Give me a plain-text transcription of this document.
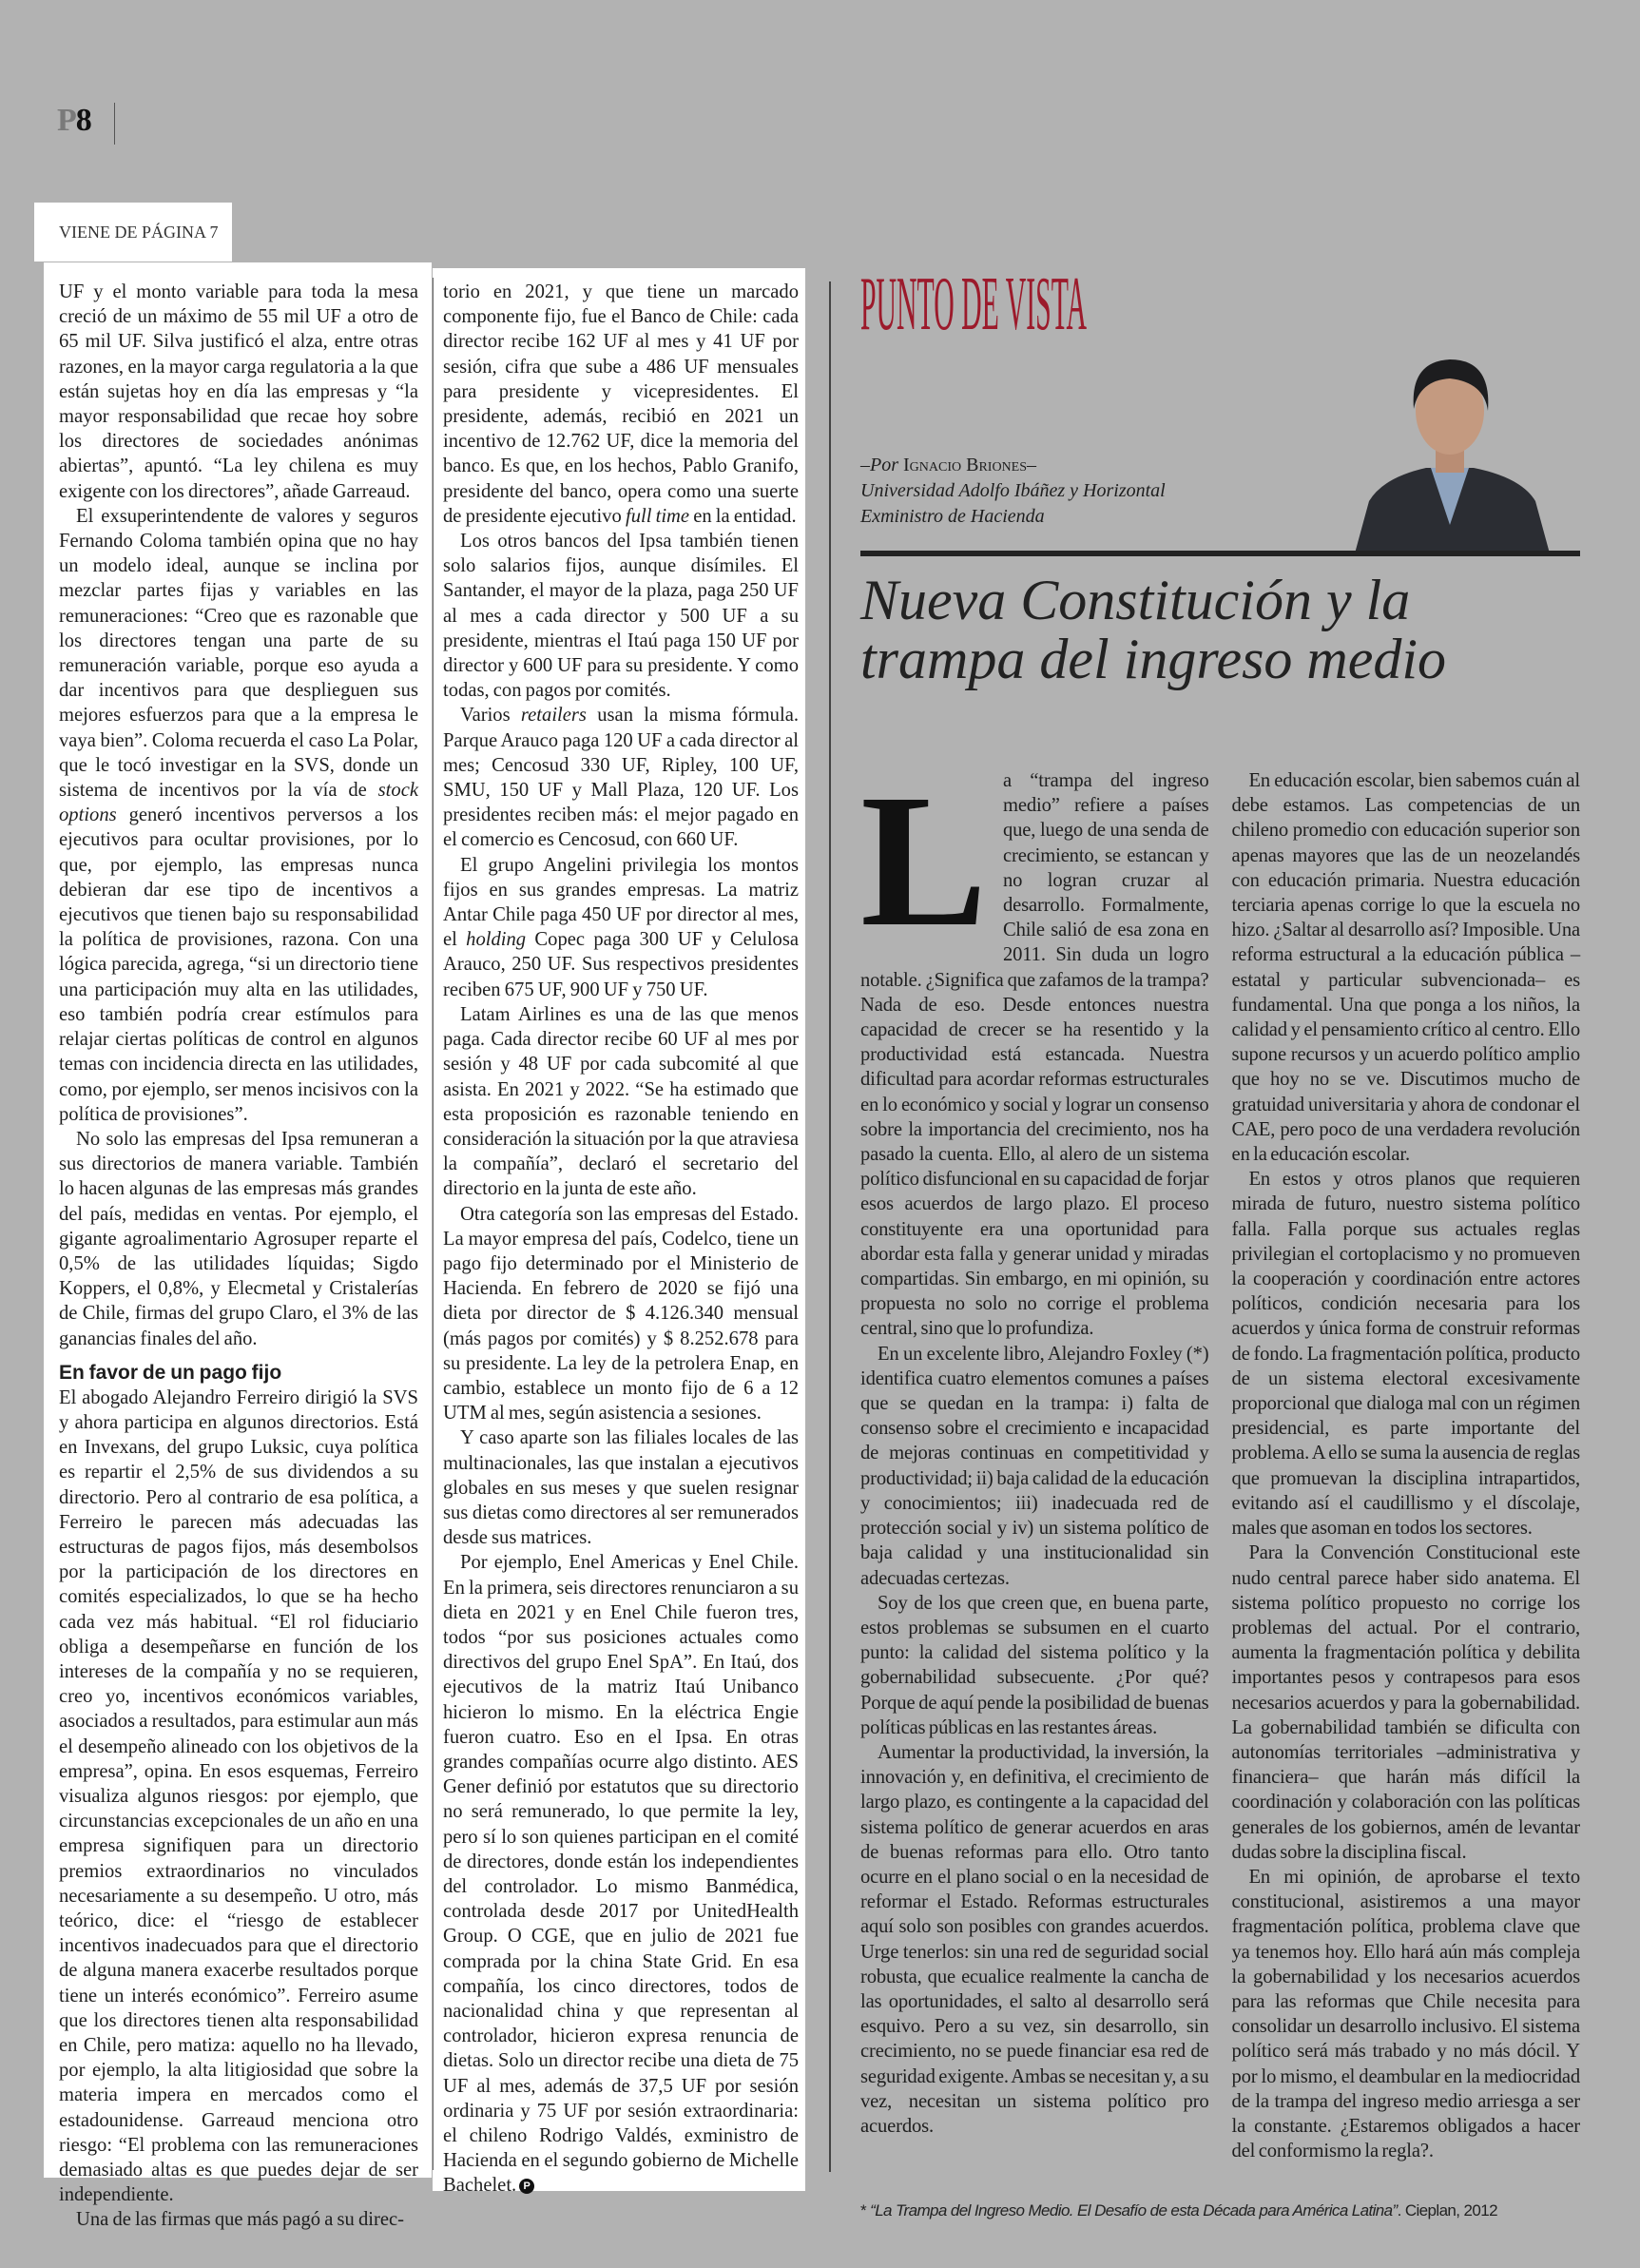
P8
VIENE DE PÁGINA 7

UF y el monto variable para toda la mesa creció de un máximo de 55 mil UF a otro de 65 mil UF. Silva justificó el alza, entre otras razones, en la mayor carga regulatoria a la que están sujetas hoy en día las empresas y “la mayor responsabilidad que recae hoy sobre los directores de sociedades anónimas abiertas”, apuntó. “La ley chilena es muy exigente con los directores”, añade Garreaud.

El exsuperintendente de valores y seguros Fernando Coloma también opina que no hay un modelo ideal, aunque se inclina por mezclar partes fijas y variables en las remuneraciones: “Creo que es razonable que los directores tengan una parte de su remuneración variable, porque eso ayuda a dar incentivos para que desplieguen sus mejores esfuerzos para que a la empresa le vaya bien”. Coloma recuerda el caso La Polar, que le tocó investigar en la SVS, donde un sistema de incentivos por la vía de stock options generó incentivos perversos a los ejecutivos para ocultar provisiones, por lo que, por ejemplo, las empresas nunca debieran dar ese tipo de incentivos a ejecutivos que tienen bajo su responsabilidad la política de provisiones, razona. Con una lógica parecida, agrega, “si un directorio tiene una participación muy alta en las utilidades, eso también podría crear estímulos para relajar ciertas políticas de control en algunos temas con incidencia directa en las utilidades, como, por ejemplo, ser menos incisivos con la política de provisiones”.

No solo las empresas del Ipsa remuneran a sus directorios de manera variable. También lo hacen algunas de las empresas más grandes del país, medidas en ventas. Por ejemplo, el gigante agroalimentario Agrosuper reparte el 0,5% de las utilidades líquidas; Sigdo Koppers, el 0,8%, y Elecmetal y Cristalerías de Chile, firmas del grupo Claro, el 3% de las ganancias finales del año.

En favor de un pago fijo

El abogado Alejandro Ferreiro dirigió la SVS y ahora participa en algunos directorios. Está en Invexans, del grupo Luksic, cuya política es repartir el 2,5% de sus dividendos a su directorio. Pero al contrario de esa política, a Ferreiro le parecen más adecuadas las estructuras de pagos fijos, más desembolsos por la participación de los directores en comités especializados, lo que se ha hecho cada vez más habitual. “El rol fiduciario obliga a desempeñarse en función de los intereses de la compañía y no se requieren, creo yo, incentivos económicos variables, asociados a resultados, para estimular aun más el desempeño alineado con los objetivos de la empresa”, opina. En esos esquemas, Ferreiro visualiza algunos riesgos: por ejemplo, que circunstancias excepcionales de un año en una empresa signifiquen para un directorio premios extraordinarios no vinculados necesariamente a su desempeño. U otro, más teórico, dice: el “riesgo de establecer incentivos inadecuados para que el directorio de alguna manera exacerbe resultados porque tiene un interés económico”. Ferreiro asume que los directores tienen alta responsabilidad en Chile, pero matiza: aquello no ha llevado, por ejemplo, la alta litigiosidad que sobre la materia impera en mercados como el estadounidense. Garreaud menciona otro riesgo: “El problema con las remuneraciones demasiado altas es que puedes dejar de ser independiente.

Una de las firmas que más pagó a su direc-

torio en 2021, y que tiene un marcado componente fijo, fue el Banco de Chile: cada director recibe 162 UF al mes y 41 UF por sesión, cifra que sube a 486 UF mensuales para presidente y vicepresidentes. El presidente, además, recibió en 2021 un incentivo de 12.762 UF, dice la memoria del banco. Es que, en los hechos, Pablo Granifo, presidente del banco, opera como una suerte de presidente ejecutivo full time en la entidad.

Los otros bancos del Ipsa también tienen solo salarios fijos, aunque disímiles. El Santander, el mayor de la plaza, paga 250 UF al mes a cada director y 500 UF a su presidente, mientras el Itaú paga 150 UF por director y 600 UF para su presidente. Y como todas, con pagos por comités.

Varios retailers usan la misma fórmula. Parque Arauco paga 120 UF a cada director al mes; Cencosud 330 UF, Ripley, 100 UF, SMU, 150 UF y Mall Plaza, 120 UF. Los presidentes reciben más: el mejor pagado en el comercio es Cencosud, con 660 UF.

El grupo Angelini privilegia los montos fijos en sus grandes empresas. La matriz Antar Chile paga 450 UF por director al mes, el holding Copec paga 300 UF y Celulosa Arauco, 250 UF. Sus respectivos presidentes reciben 675 UF, 900 UF y 750 UF.

Latam Airlines es una de las que menos paga. Cada director recibe 60 UF al mes por sesión y 48 UF por cada subcomité al que asista. En 2021 y 2022. “Se ha estimado que esta proposición es razonable teniendo en consideración la situación por la que atraviesa la compañía”, declaró el secretario del directorio en la junta de este año.

Otra categoría son las empresas del Estado. La mayor empresa del país, Codelco, tiene un pago fijo determinado por el Ministerio de Hacienda. En febrero de 2020 se fijó una dieta por director de $ 4.126.340 mensual (más pagos por comités) y $ 8.252.678 para su presidente. La ley de la petrolera Enap, en cambio, establece un monto fijo de 6 a 12 UTM al mes, según asistencia a sesiones.

Y caso aparte son las filiales locales de las multinacionales, las que instalan a ejecutivos globales en sus meses y que suelen resignar sus dietas como directores al ser remunerados desde sus matrices.

Por ejemplo, Enel Americas y Enel Chile. En la primera, seis directores renunciaron a su dieta en 2021 y en Enel Chile fueron tres, todos “por sus posiciones actuales como directivos del grupo Enel SpA”. En Itaú, dos ejecutivos de la matriz Itaú Unibanco hicieron lo mismo. En la eléctrica Engie fueron cuatro. Eso en el Ipsa. En otras grandes compañías ocurre algo distinto. AES Gener definió por estatutos que su directorio no será remunerado, lo que permite la ley, pero sí lo son quienes participan en el comité de directores, donde están los independientes del controlador. Lo mismo Banmédica, controlada desde 2017 por UnitedHealth Group. O CGE, que en julio de 2021 fue comprada por la china State Grid. En esa compañía, los cinco directores, todos de nacionalidad china y que representan al controlador, hicieron expresa renuncia de dietas. Solo un director recibe una dieta de 75 UF al mes, además de 37,5 UF por sesión ordinaria y 75 UF por sesión extraordinaria: el chileno Rodrigo Valdés, exministro de Hacienda en el segundo gobierno de Michelle Bachelet. P

PUNTO DE VISTA
–Por Ignacio Briones–
Universidad Adolfo Ibáñez y Horizontal
Exministro de Hacienda
Nueva Constitución y la trampa del ingreso medio

La “trampa del ingreso medio” refiere a países que, luego de una senda de crecimiento, se estancan y no logran cruzar al desarrollo. Formalmente, Chile salió de esa zona en 2011. Sin duda un logro notable. ¿Significa que zafamos de la trampa? Nada de eso. Desde entonces nuestra capacidad de crecer se ha resentido y la productividad está estancada. Nuestra dificultad para acordar reformas estructurales en lo económico y social y lograr un consenso sobre la importancia del crecimiento, nos ha pasado la cuenta. Ello, al alero de un sistema político disfuncional en su capacidad de forjar esos acuerdos de largo plazo. El proceso constituyente era una oportunidad para abordar esta falla y generar unidad y miradas compartidas. Sin embargo, en mi opinión, su propuesta no solo no corrige el problema central, sino que lo profundiza.

En un excelente libro, Alejandro Foxley (*) identifica cuatro elementos comunes a países que se quedan en la trampa: i) falta de consenso sobre el crecimiento e incapacidad de mejoras continuas en competitividad y productividad; ii) baja calidad de la educación y conocimientos; iii) inadecuada red de protección social y iv) un sistema político de baja calidad y una institucionalidad sin adecuadas certezas.

Soy de los que creen que, en buena parte, estos problemas se subsumen en el cuarto punto: la calidad del sistema político y la gobernabilidad subsecuente. ¿Por qué? Porque de aquí pende la posibilidad de buenas políticas públicas en las restantes áreas.

Aumentar la productividad, la inversión, la innovación y, en definitiva, el crecimiento de largo plazo, es contingente a la capacidad del sistema político de generar acuerdos en aras de buenas reformas para ello. Otro tanto ocurre en el plano social o en la necesidad de reformar el Estado. Reformas estructurales aquí solo son posibles con grandes acuerdos. Urge tenerlos: sin una red de seguridad social robusta, que ecualice realmente la cancha de las oportunidades, el salto al desarrollo será esquivo. Pero a su vez, sin desarrollo, sin crecimiento, no se puede financiar esa red de seguridad exigente. Ambas se necesitan y, a su vez, necesitan un sistema político pro acuerdos.

En educación escolar, bien sabemos cuán al debe estamos. Las competencias de un chileno promedio con educación superior son apenas mayores que las de un neozelandés con educación primaria. Nuestra educación terciaria apenas corrige lo que la escuela no hizo. ¿Saltar al desarrollo así? Imposible. Una reforma estructural a la educación pública –estatal y particular subvencionada– es fundamental. Una que ponga a los niños, la calidad y el pensamiento crítico al centro. Ello supone recursos y un acuerdo político amplio que hoy no se ve. Discutimos mucho de gratuidad universitaria y ahora de condonar el CAE, pero poco de una verdadera revolución en la educación escolar.

En estos y otros planos que requieren mirada de futuro, nuestro sistema político falla. Falla porque sus actuales reglas privilegian el cortoplacismo y no promueven la cooperación y coordinación entre actores políticos, condición necesaria para los acuerdos y única forma de construir reformas de fondo. La fragmentación política, producto de un sistema electoral excesivamente proporcional que dialoga mal con un régimen presidencial, es parte importante del problema. A ello se suma la ausencia de reglas que promuevan la disciplina intrapartidos, evitando así el caudillismo y el díscolaje, males que asoman en todos los sectores.

Para la Convención Constitucional este nudo central parece haber sido anatema. El sistema político propuesto no corrige los problemas del actual. Por el contrario, aumenta la fragmentación política y debilita importantes pesos y contrapesos para esos necesarios acuerdos y para la gobernabilidad. La gobernabilidad también se dificulta con autonomías territoriales –administrativa y financiera– que harán más difícil la coordinación y colaboración con las políticas generales de los gobiernos, amén de levantar dudas sobre la disciplina fiscal.

En mi opinión, de aprobarse el texto constitucional, asistiremos a una mayor fragmentación política, problema clave que ya tenemos hoy. Ello hará aún más compleja la gobernabilidad y los necesarios acuerdos para las reformas que Chile necesita para consolidar un desarrollo inclusivo. El sistema político será más trabado y no más dócil. Y por lo mismo, el deambular en la mediocridad de la trampa del ingreso medio arriesga a ser la constante. ¿Estaremos obligados a hacer del conformismo la regla?.

* “La Trampa del Ingreso Medio. El Desafío de esta Década para América Latina”. Cieplan, 2012
